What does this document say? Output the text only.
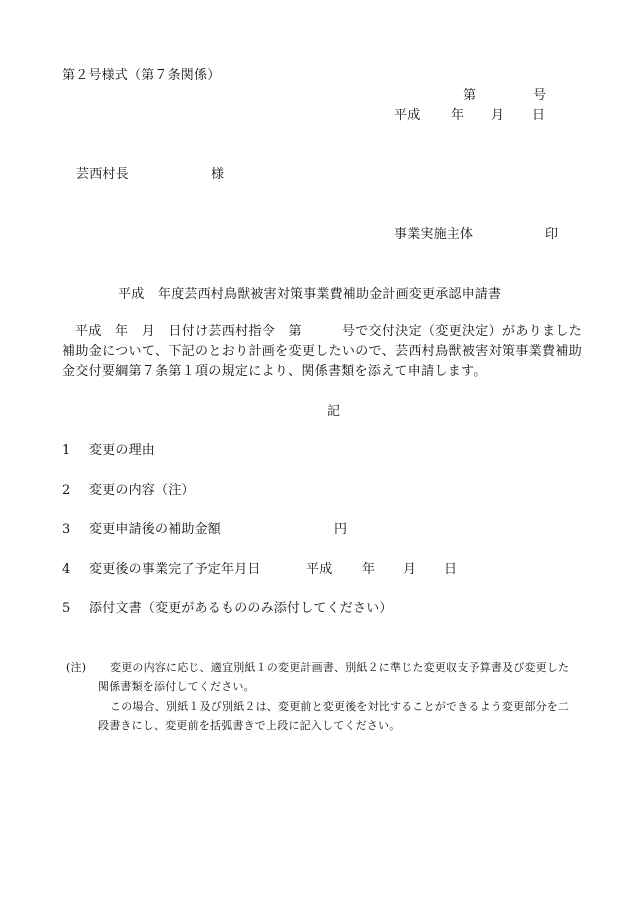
第２号様式（第７条関係）
第	号
平成 年 月 日
芸西村長	様
事業実施主体	印
平成 年度芸西村鳥獣被害対策事業費補助金計画変更承認申請書
平成　年　月　日付け芸西村指令　第　　　号で交付決定（変更決定）がありました補助金について、下記のとおり計画を変更したいので、芸西村鳥獣被害対策事業費補助金交付要綱第７条第１項の規定により、関係書類を添えて申請します。
記
1 変更の理由
2 変更の内容（注）
3 変更申請後の補助金額	円
4 変更後の事業完了予定年月日	平成 年 月 日
5 添付文書（変更があるもののみ添付してください）
(注)	変更の内容に応じ、適宜別紙１の変更計画書、別紙２に準じた変更収支予算書及び変更した関係書類を添付してください。
この場合、別紙１及び別紙２は、変更前と変更後を対比することができるよう変更部分を二段書きにし、変更前を括弧書きで上段に記入してください。
